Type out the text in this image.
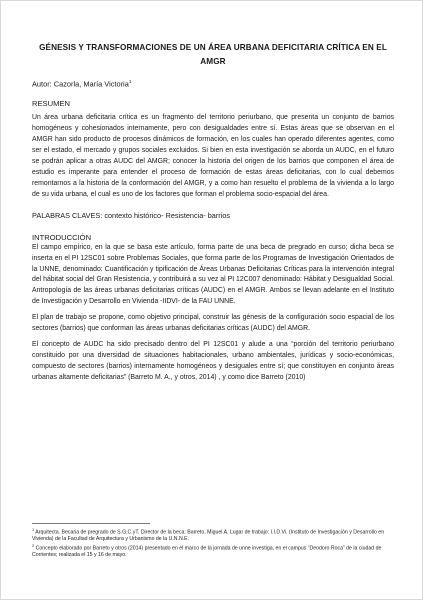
GÉNESIS Y TRANSFORMACIONES DE UN ÁREA URBANA DEFICITARIA CRÍTICA EN EL AMGR
Autor: Cazorla, María Victoria$^1$
RESUMEN

Un área urbana deficitaria crítica es un fragmento del territorio periurbano, que presenta un conjunto de barrios homogéneos y cohesionados internamente, pero con desigualdades entre sí. Estas áreas que se observan en el AMGR han sido producto de procesos dinámicos de formación, en los cuales han operado diferentes agentes, como ser el estado, el mercado y grupos sociales excluidos. Si bien en esta investigación se aborda un AUDC, en el futuro se podrán aplicar a otras AUDC del AMGR; conocer la historia del origen de los barrios que componen el área de estudio es imperante para entender el proceso de formación de estas áreas deficitarias, con lo cual debemos remontarnos a la historia de la conformación del AMGR, y a como han resuelto el problema de la vivienda a lo largo de su vida urbana, el cual es uno de los factores que forman el problema socio-espacial del área.

PALABRAS CLAVES: contexto histórico- Resistencia- barrios
INTRODUCCIÓN

El campo empírico, en la que se basa este artículo, forma parte de una beca de pregrado en curso; dicha beca se inserta en el PI 12SC01 sobre Problemas Sociales, que forma parte de los Programas de Investigación Orientados de la UNNE, denominado: Cuantificación y tipificación de Áreas Urbanas Deficitarias Críticas para la intervención integral del hábitat social del Gran Resistencia, y contribuirá a su vez al PI 12C007 denominado: Hábitat y Desigualdad Social. Antropología de las áreas urbanas deficitarias críticas (AUDC) en el AMGR. Ambos se llevan adelante en el Instituto de Investigación y Desarrollo en Vivienda -IIDVI- de la FAU UNNE.

El plan de trabajo se propone, como objetivo principal, construir las génesis de la configuración socio espacial de los sectores (barrios) que conforman las áreas urbanas deficitarias críticas (AUDC) del AMGR.

El concepto de AUDC ha sido precisado dentro del PI 12SC01 y alude a una “porción del territorio periurbano constituido por una diversidad de situaciones habitacionales, urbano ambientales, jurídicas y socio-económicas, compuesto de sectores (barrios) internamente homogéneos y desiguales entre sí; que constituyen en conjunto áreas urbanas altamente deficitarias” (Barreto M. A., y otros, 2014) , y como dice Barreto (2010)

$^1$ Arquitecta. Becaria de pregrado de S.G.C.yT. Director de la beca: Barreto, Miguel A. Lugar de trabajo: I.I.D.Vi. (Instituto de Investigación y Desarrollo en Vivienda) de la Facultad de Arquitectura y Urbanismo de la U.N.N.E.

$^2$ Concepto elaborado por Barreto y otros (2014) presentado en el marco de la jornada de unne investiga, en el campus “Deodoro Roca” de la ciudad de Corrientes; realizada el 15 y 16 de mayo.
